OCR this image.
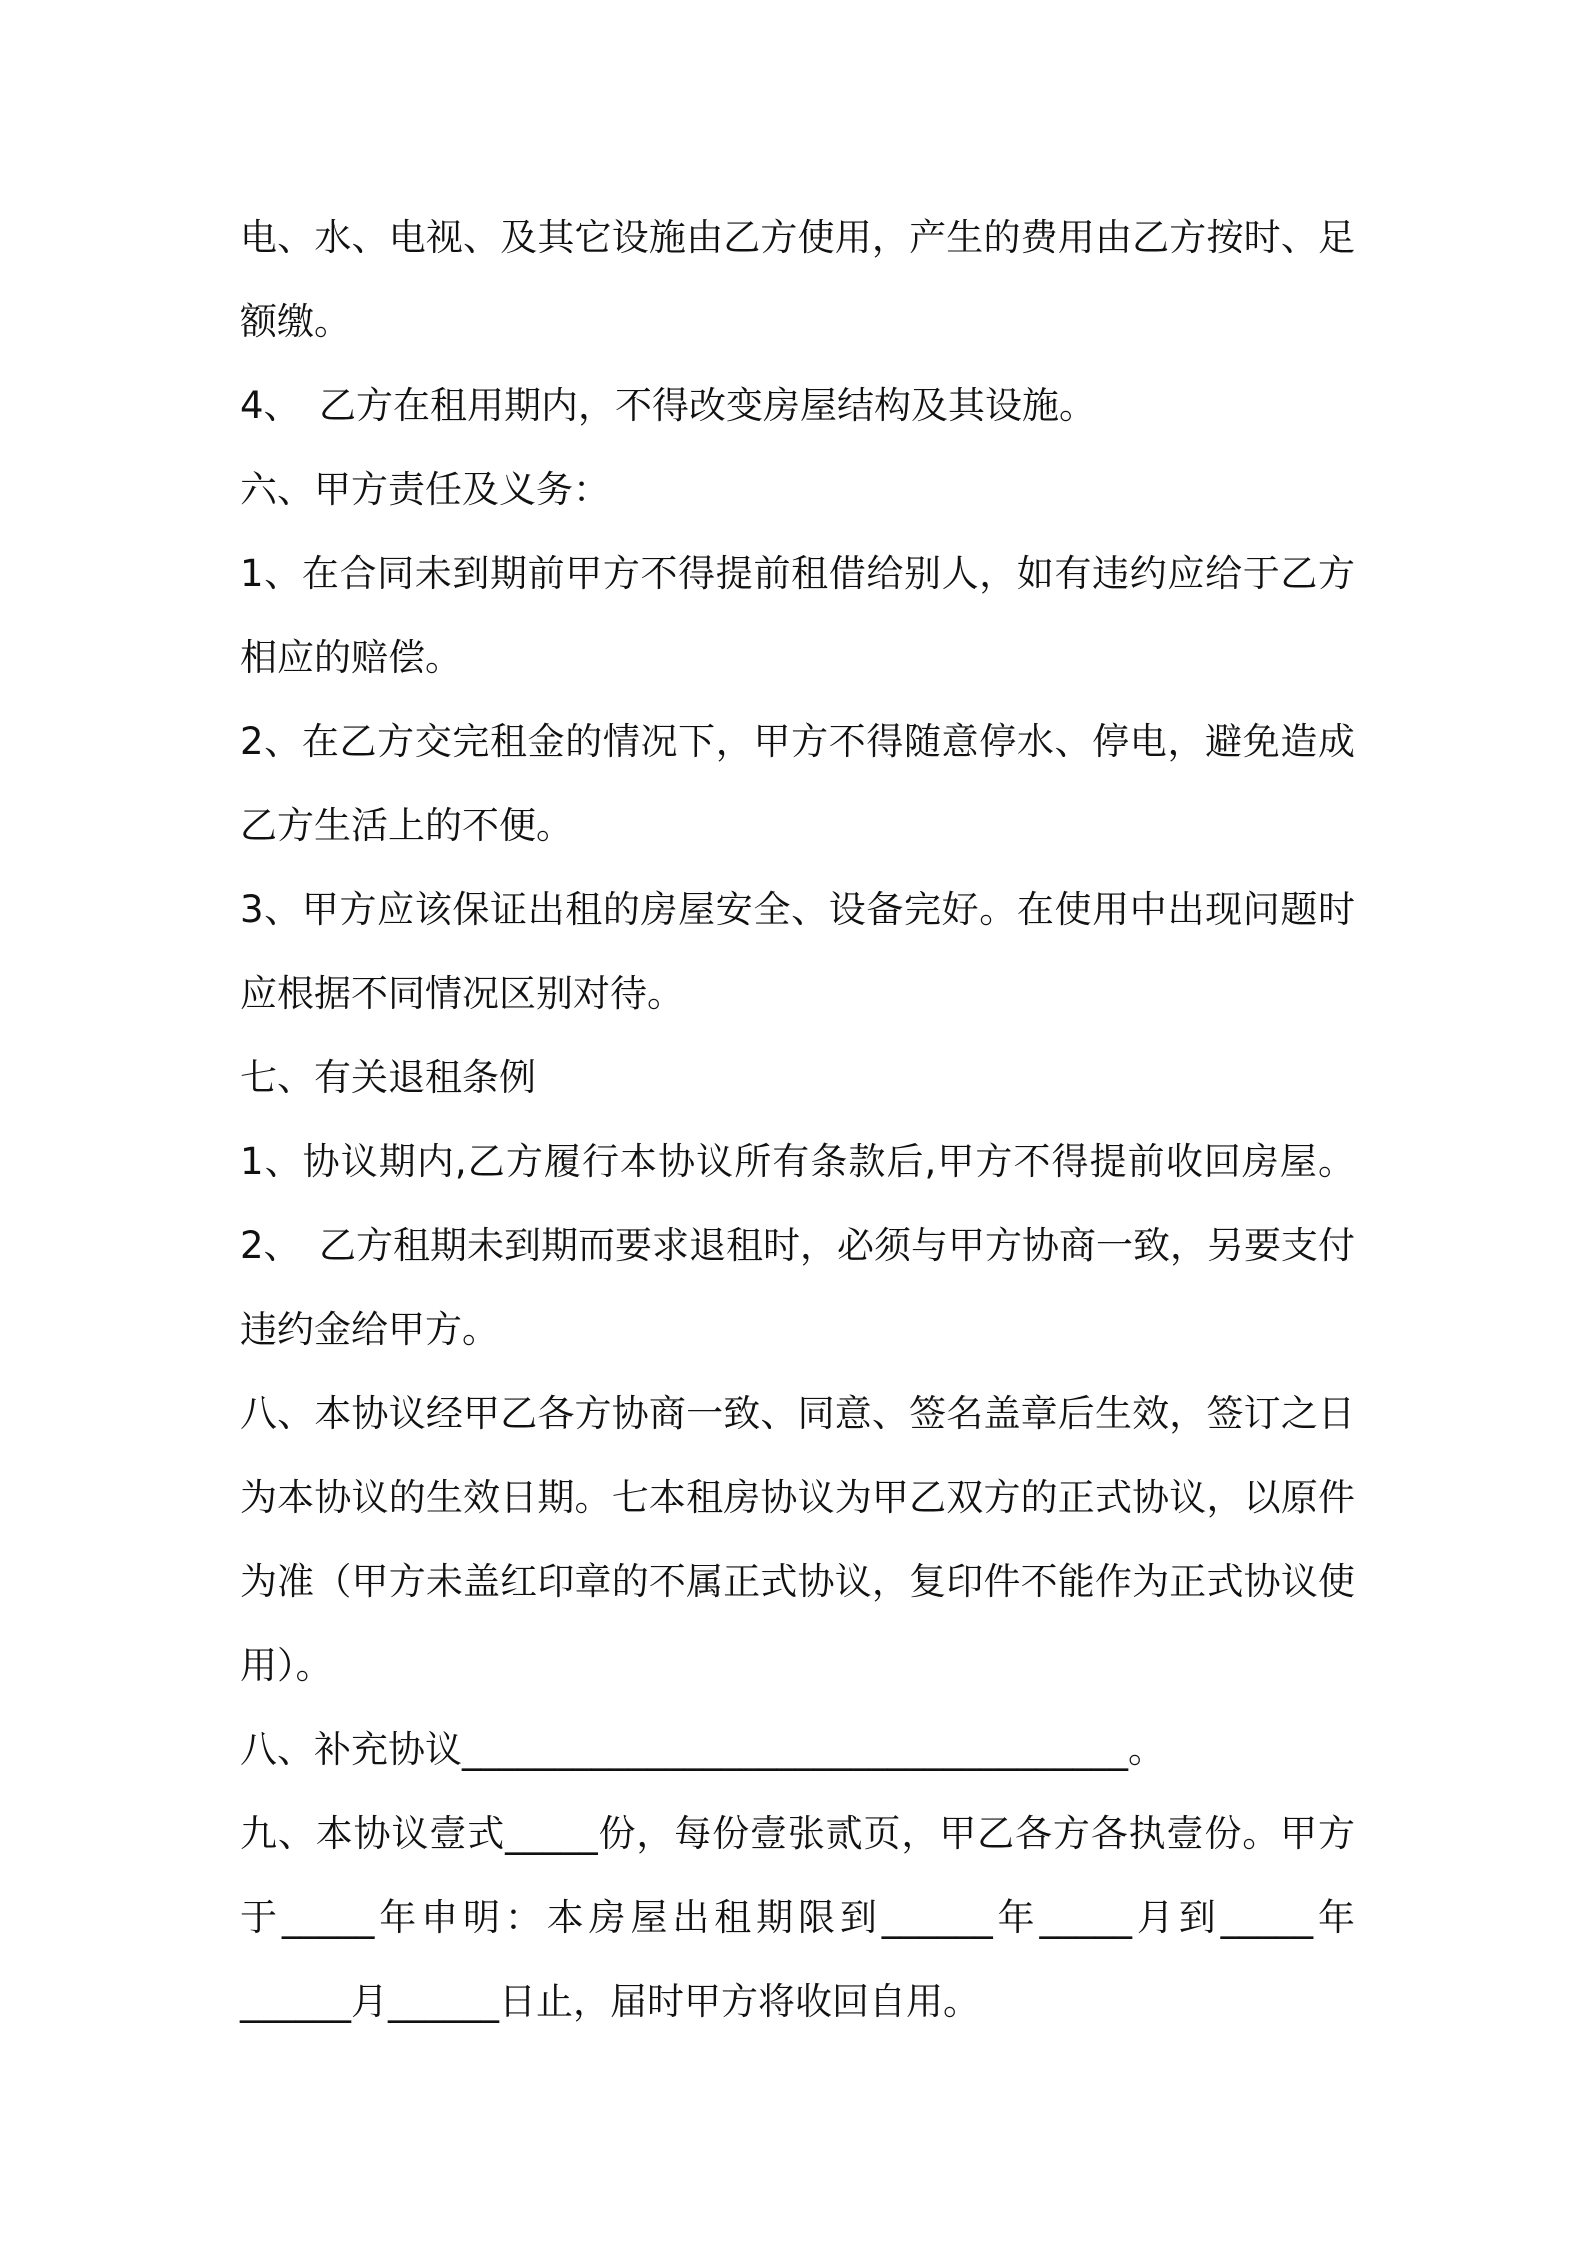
电、水、电视、及其它设施由乙方使用，产生的费用由乙方按时、足

额缴。

4、　乙方在租用期内，不得改变房屋结构及其设施。

六、甲方责任及义务：

1、在合同未到期前甲方不得提前租借给别人，如有违约应给于乙方

相应的赔偿。

2、在乙方交完租金的情况下，甲方不得随意停水、停电，避免造成

乙方生活上的不便。

3、甲方应该保证出租的房屋安全、设备完好。在使用中出现问题时

应根据不同情况区别对待。

七、有关退租条例

1、协议期内,乙方履行本协议所有条款后,甲方不得提前收回房屋。

2、　乙方租期未到期而要求退租时，必须与甲方协商一致，另要支付

违约金给甲方。

八、本协议经甲乙各方协商一致、同意、签名盖章后生效，签订之日

为本协议的生效日期。七本租房协议为甲乙双方的正式协议，以原件

为准（甲方未盖红印章的不属正式协议，复印件不能作为正式协议使

用）。

八、补充协议____________________________________。

九、本协议壹式_____份，每份壹张贰页，甲乙各方各执壹份。甲方

于_____年申明：本房屋出租期限到______年_____月到_____年

______月______日止，届时甲方将收回自用。
